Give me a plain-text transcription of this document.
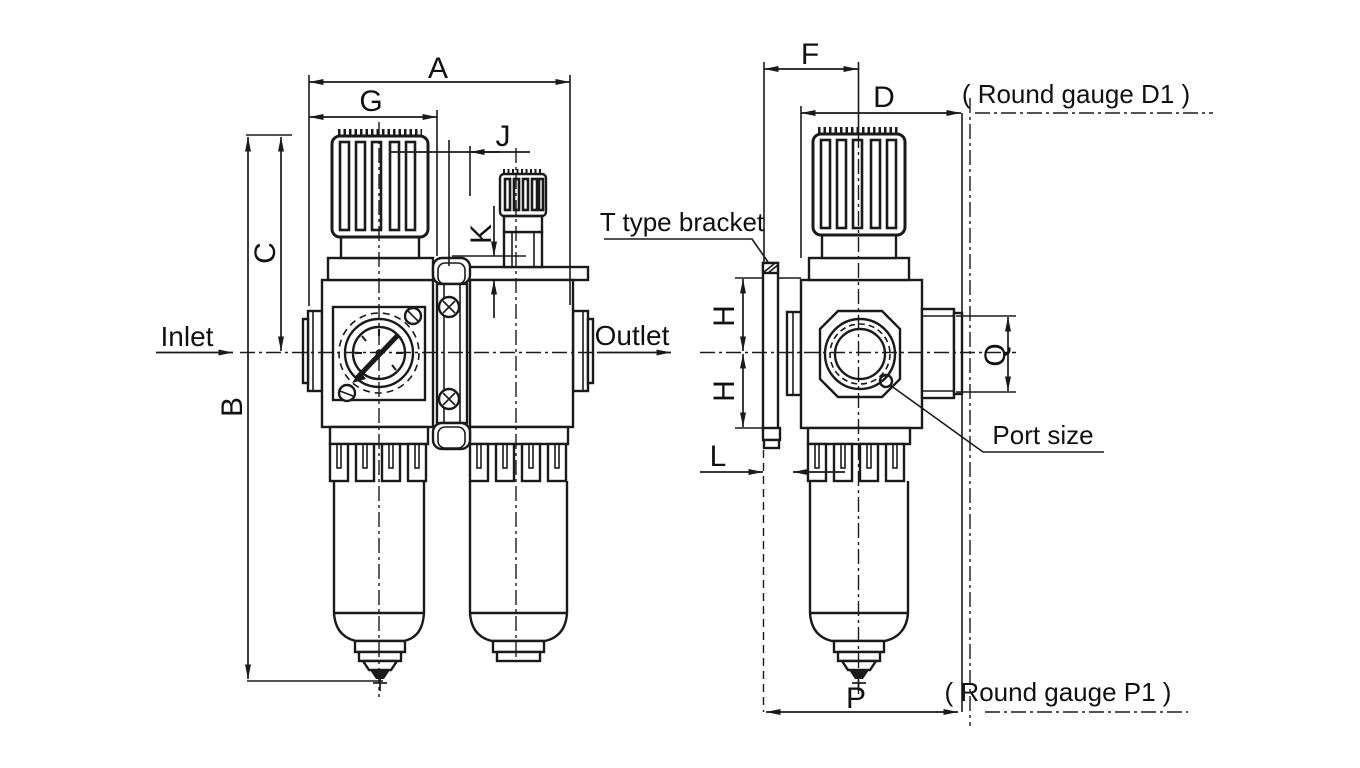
A
G
J
K
C
B
Inlet	Outlet
F
D	( Round gauge D1 )
T type bracket
H
H
L
Q
Port size
P	( Round gauge P1 )
